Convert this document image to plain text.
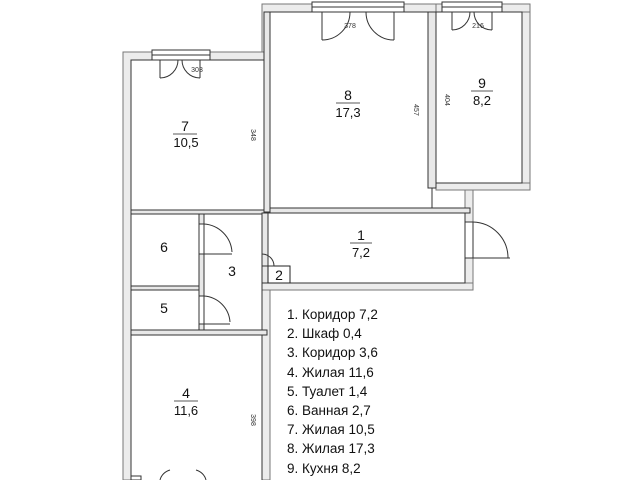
7
10,5
8
17,3
9
8,2
1
7,2
2
3
6
5
4
11,6
303
378	216
348
457
404
398
1. Коридор 7,2
2. Шкаф 0,4
3. Коридор 3,6
4. Жилая 11,6
5. Туалет 1,4
6. Ванная 2,7
7. Жилая 10,5
8. Жилая 17,3
9. Кухня 8,2
